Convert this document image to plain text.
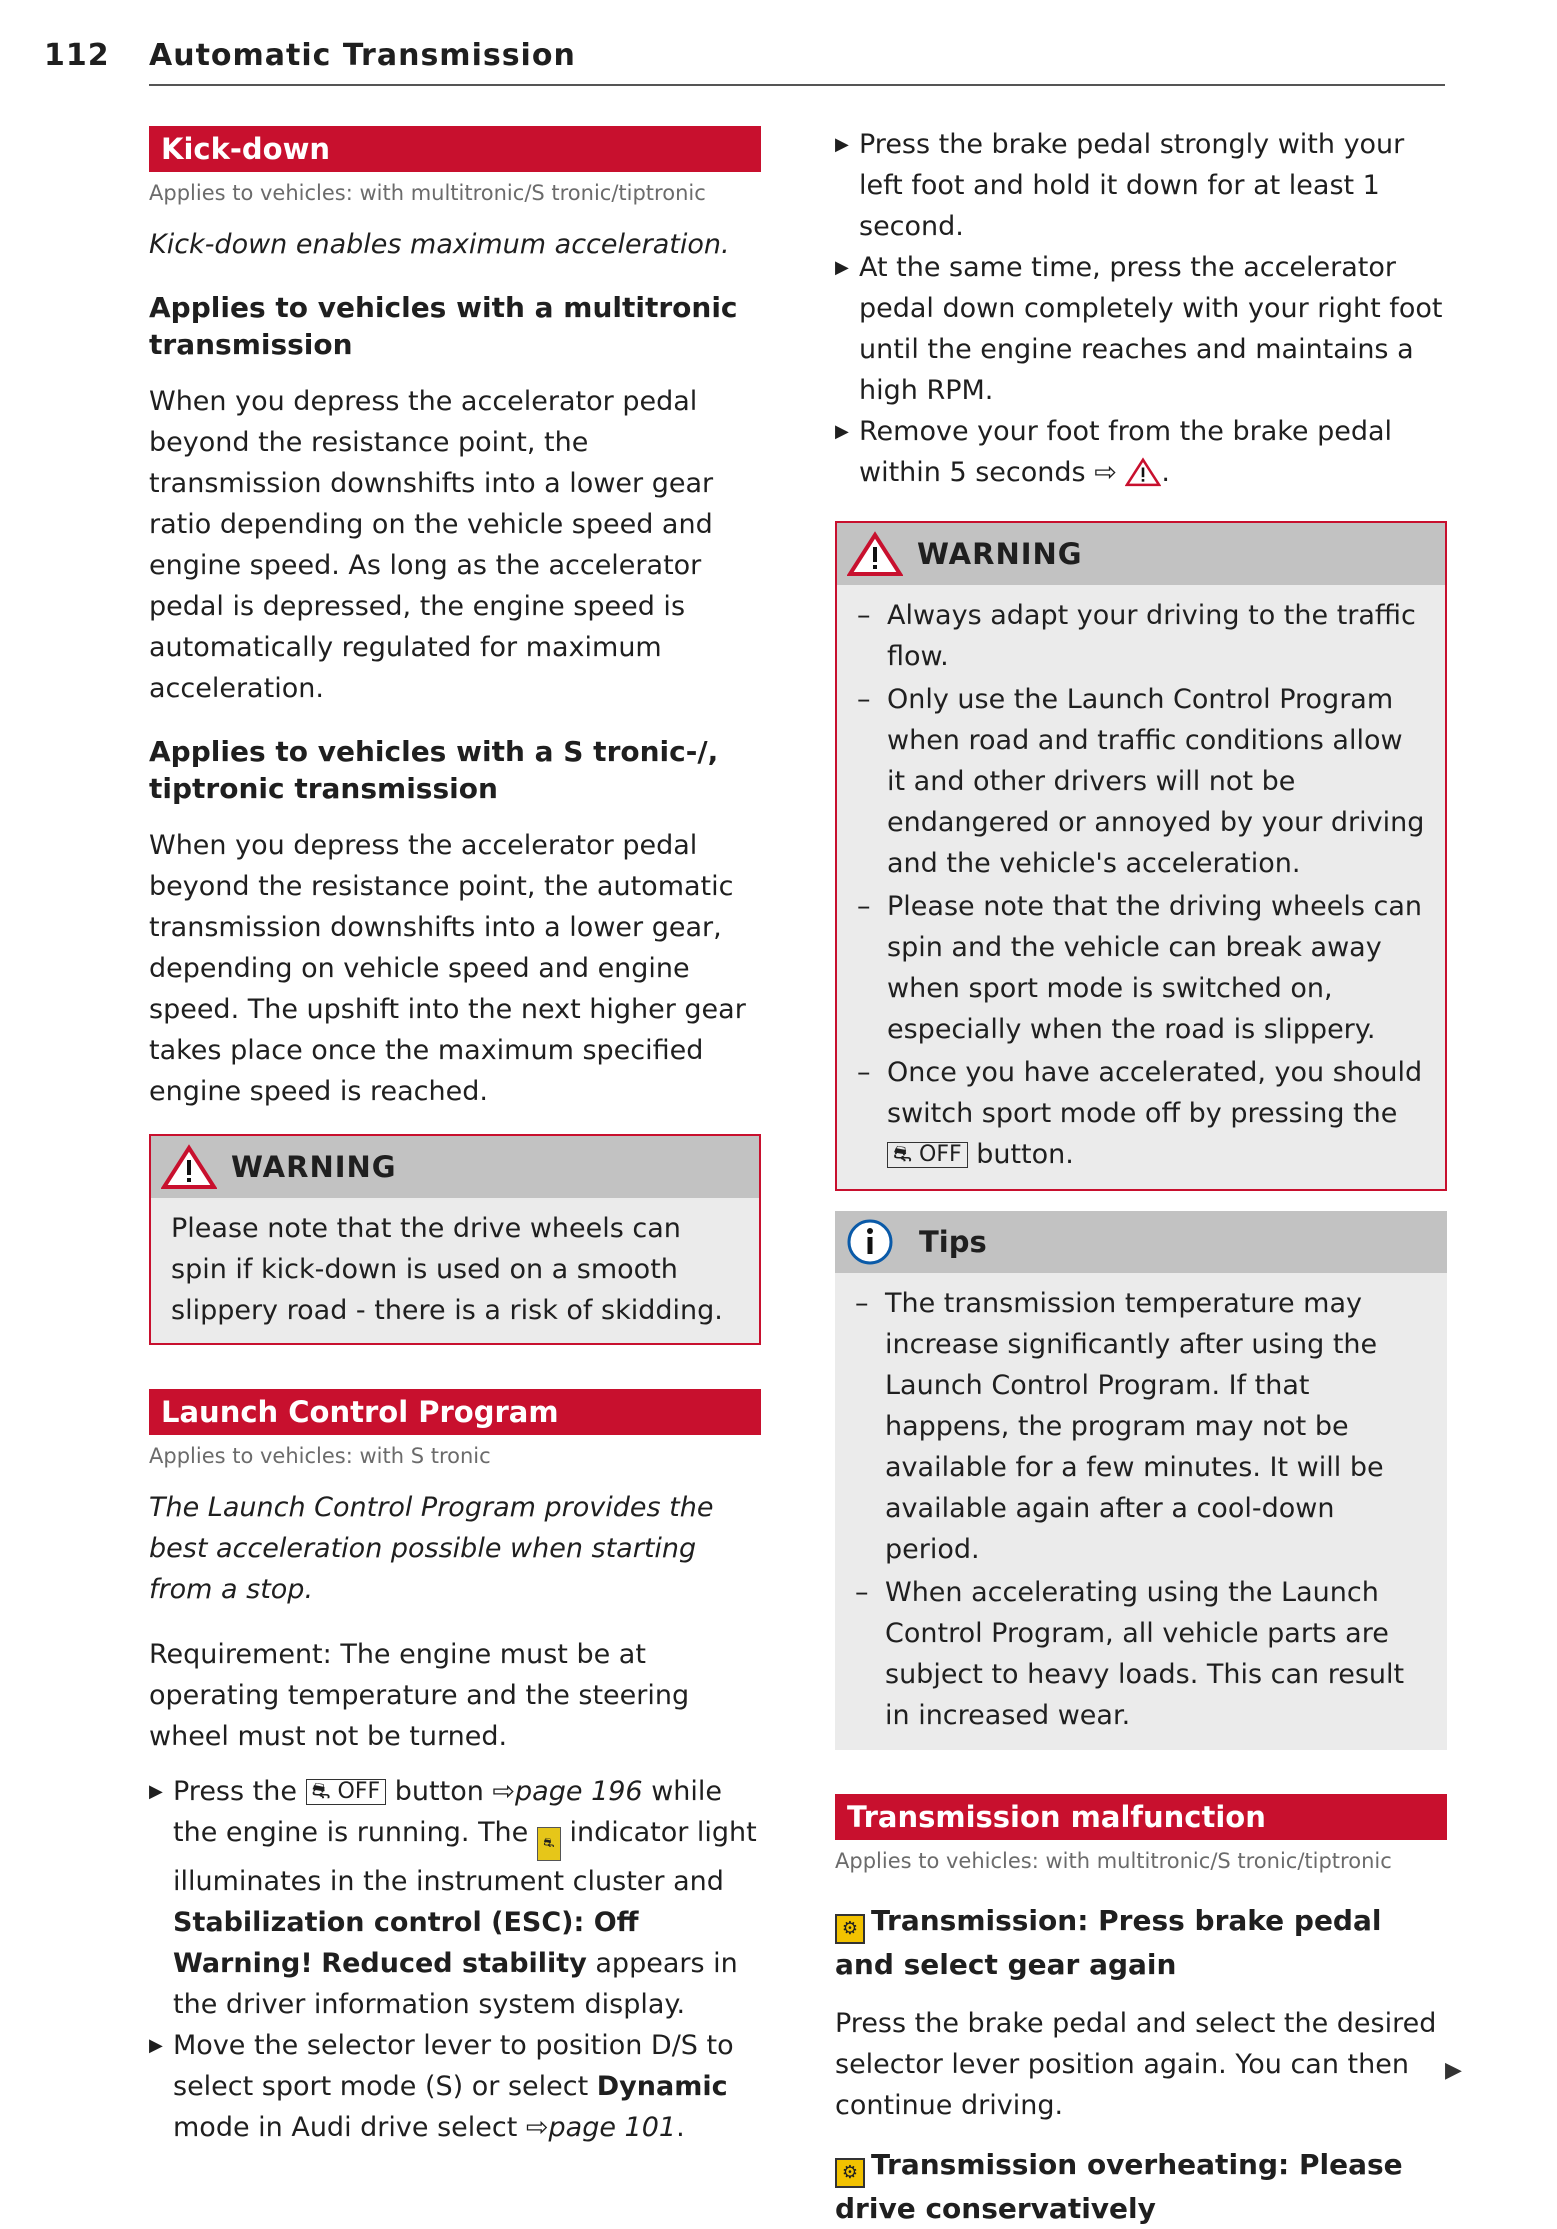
112 Automatic Transmission
Kick-down
Applies to vehicles: with multitronic/S tronic/tiptronic
Kick-down enables maximum acceleration.
Applies to vehicles with a multitronic transmission

When you depress the accelerator pedal beyond the resistance point, the transmission downshifts into a lower gear ratio depending on the vehicle speed and engine speed. As long as the accelerator pedal is depressed, the engine speed is automatically regulated for maximum acceleration.

Applies to vehicles with a S tronic-/, tiptronic transmission

When you depress the accelerator pedal beyond the resistance point, the automatic transmission downshifts into a lower gear, depending on vehicle speed and engine speed. The upshift into the next higher gear takes place once the maximum specified engine speed is reached.

WARNING
Please note that the drive wheels can spin if kick-down is used on a smooth slippery road - there is a risk of skidding.
Launch Control Program
Applies to vehicles: with S tronic
The Launch Control Program provides the best acceleration possible when starting from a stop.

Requirement: The engine must be at operating temperature and the steering wheel must not be turned.

▶ Press the ⛐ OFF button ⇨page 196 while the engine is running. The ⛐ indicator light illuminates in the instrument cluster and Stabilization control (ESC): Off Warning! Reduced stability appears in the driver information system display.
▶ Move the selector lever to position D/S to select sport mode (S) or select Dynamic mode in Audi drive select ⇨page 101.
▶ Press the brake pedal strongly with your left foot and hold it down for at least 1 second.
▶ At the same time, press the accelerator pedal down completely with your right foot until the engine reaches and maintains a high RPM.
▶ Remove your foot from the brake pedal within 5 seconds ⇨ .
WARNING
– Always adapt your driving to the traffic flow.
– Only use the Launch Control Program when road and traffic conditions allow it and other drivers will not be endangered or annoyed by your driving and the vehicle's acceleration.
– Please note that the driving wheels can spin and the vehicle can break away when sport mode is switched on, especially when the road is slippery.
– Once you have accelerated, you should switch sport mode off by pressing the ⛐ OFF button.
Tips
– The transmission temperature may increase significantly after using the Launch Control Program. If that happens, the program may not be available for a few minutes. It will be available again after a cool-down period.
– When accelerating using the Launch Control Program, all vehicle parts are subject to heavy loads. This can result in increased wear.
Transmission malfunction
Applies to vehicles: with multitronic/S tronic/tiptronic
⚙ Transmission: Press brake pedal and select gear again

Press the brake pedal and select the desired selector lever position again. You can then continue driving.

⚙ Transmission overheating: Please drive conservatively
▶
